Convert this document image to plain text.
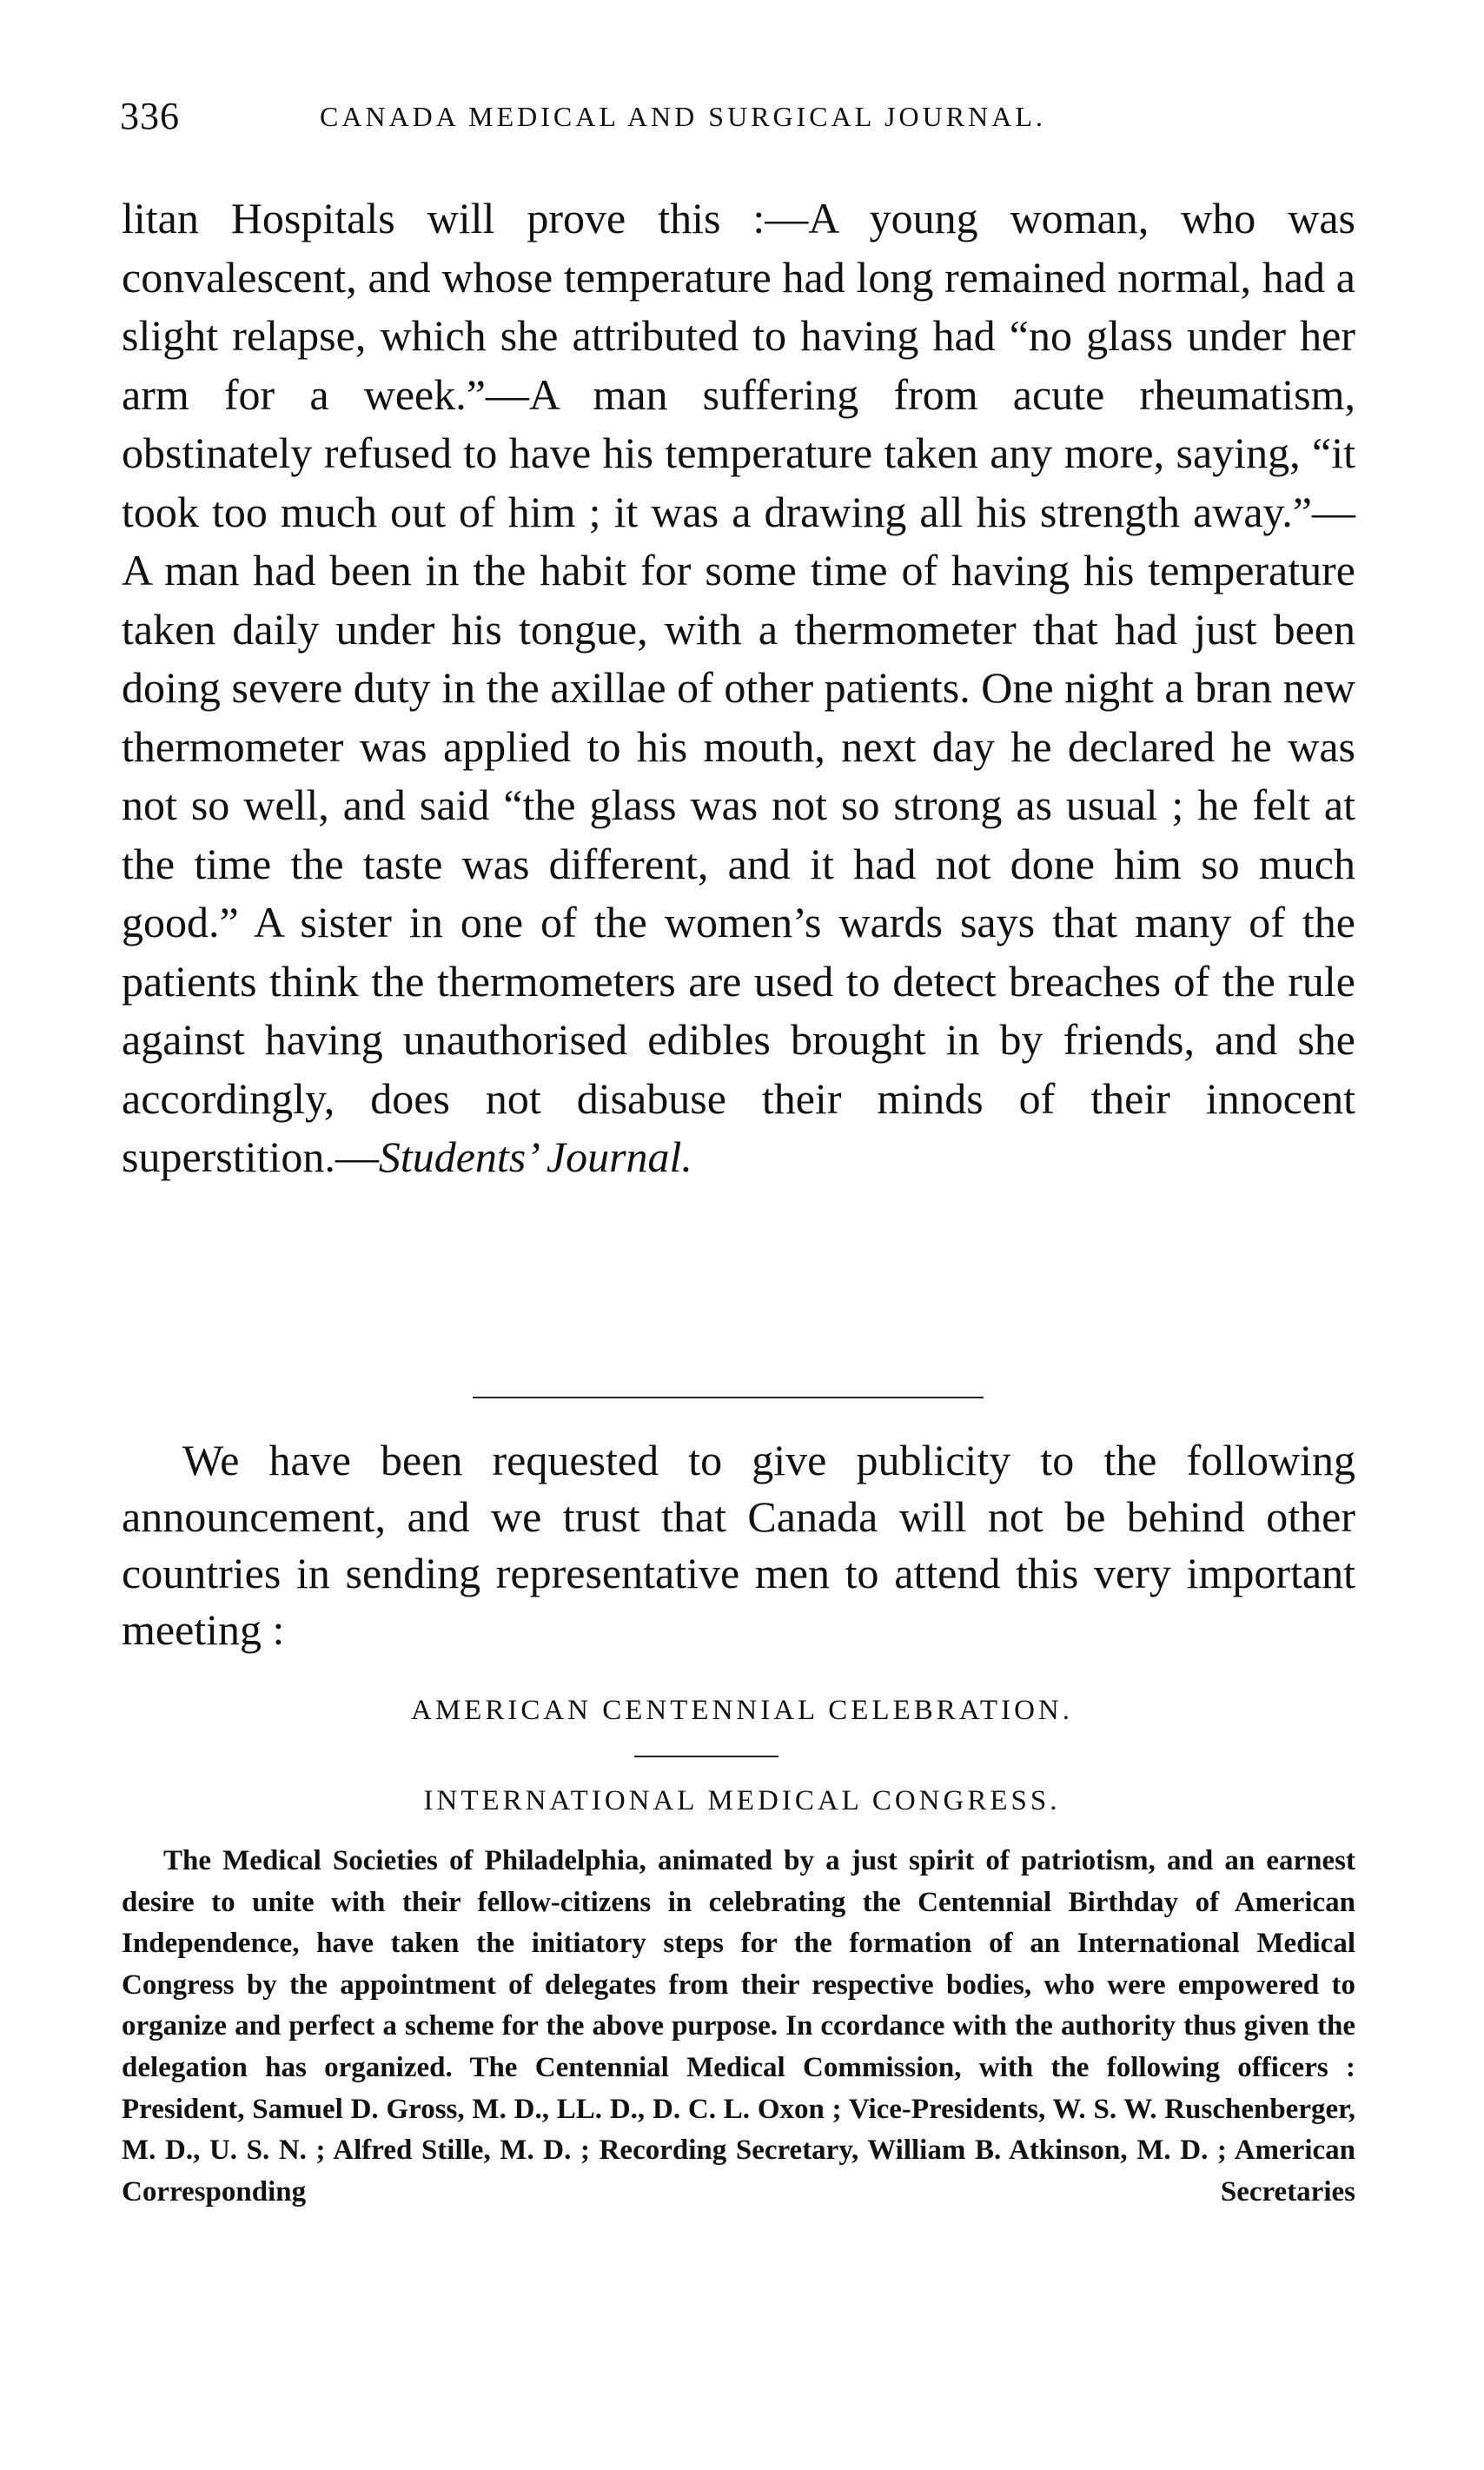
336	CANADA MEDICAL AND SURGICAL JOURNAL.

litan Hospitals will prove this :—A young woman, who was convalescent, and whose temperature had long remained normal, had a slight relapse, which she attributed to having had “no glass under her arm for a week.”—A man suffering from acute rheumatism, obstinately refused to have his temperature taken any more, saying, “it took too much out of him ; it was a drawing all his strength away.”—A man had been in the habit for some time of having his temperature taken daily under his tongue, with a thermometer that had just been doing severe duty in the axillae of other patients. One night a bran new thermometer was applied to his mouth, next day he declared he was not so well, and said “the glass was not so strong as usual ; he felt at the time the taste was different, and it had not done him so much good.” A sister in one of the women’s wards says that many of the patients think the thermometers are used to detect breaches of the rule against having unauthorised edibles brought in by friends, and she accordingly, does not disabuse their minds of their innocent superstition.—Students’ Journal.

We have been requested to give publicity to the following announcement, and we trust that Canada will not be behind other countries in sending representative men to attend this very important meeting :

AMERICAN CENTENNIAL CELEBRATION.
INTERNATIONAL MEDICAL CONGRESS.

The Medical Societies of Philadelphia, animated by a just spirit of patriotism, and an earnest desire to unite with their fellow-citizens in celebrating the Centennial Birthday of American Independence, have taken the initiatory steps for the formation of an International Medical Congress by the appointment of delegates from their respective bodies, who were empowered to organize and perfect a scheme for the above purpose. In ccordance with the authority thus given the delegation has organized. The Centennial Medical Commission, with the following officers : President, Samuel D. Gross, M. D., LL. D., D. C. L. Oxon ; Vice-Presidents, W. S. W. Ruschenberger, M. D., U. S. N. ; Alfred Stille, M. D. ; Recording Secretary, William B. Atkinson, M. D. ; American Corresponding Secretaries
